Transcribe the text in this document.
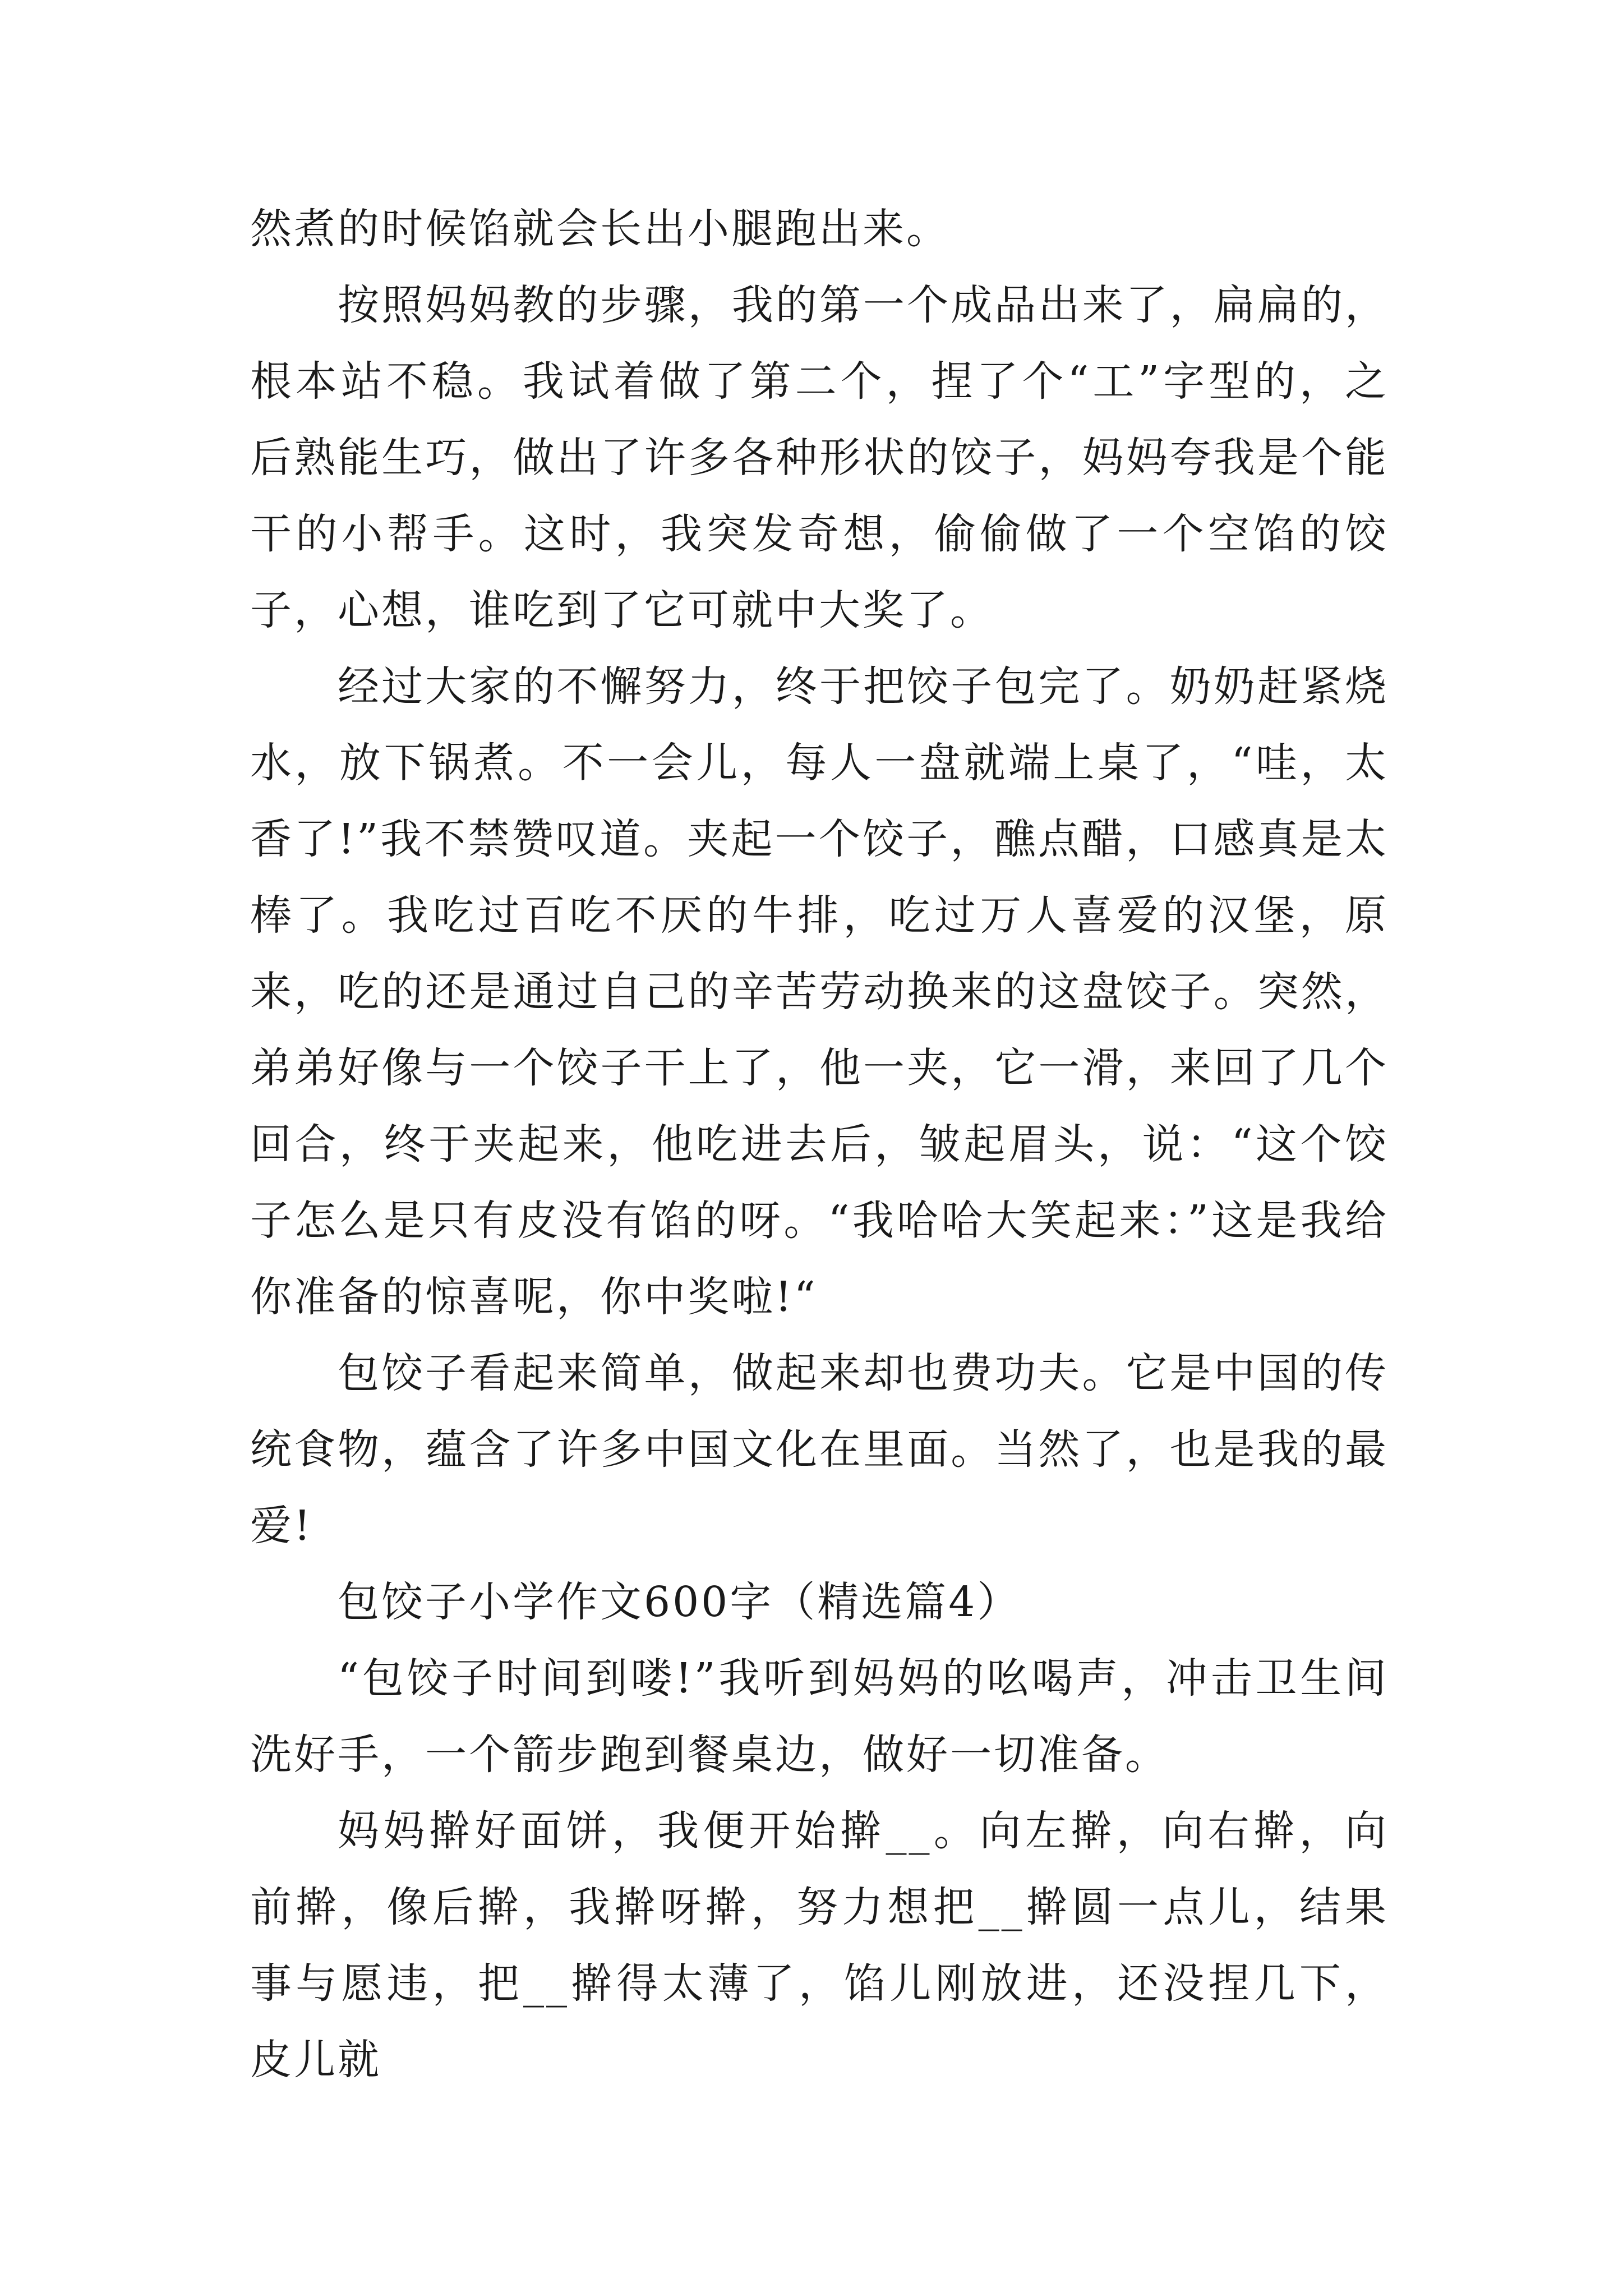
然煮的时候馅就会长出小腿跑出来。

按照妈妈教的步骤，我的第一个成品出来了，扁扁的，根本站不稳。我试着做了第二个，捏了个“工”字型的，之后熟能生巧，做出了许多各种形状的饺子，妈妈夸我是个能干的小帮手。这时，我突发奇想，偷偷做了一个空馅的饺子，心想，谁吃到了它可就中大奖了。

经过大家的不懈努力，终于把饺子包完了。奶奶赶紧烧水，放下锅煮。不一会儿，每人一盘就端上桌了，“哇，太香了!”我不禁赞叹道。夹起一个饺子，醮点醋，口感真是太棒了。我吃过百吃不厌的牛排，吃过万人喜爱的汉堡，原来，吃的还是通过自己的辛苦劳动换来的这盘饺子。突然，弟弟好像与一个饺子干上了，他一夹，它一滑，来回了几个回合，终于夹起来，他吃进去后，皱起眉头，说：“这个饺子怎么是只有皮没有馅的呀。“我哈哈大笑起来：”这是我给你准备的惊喜呢，你中奖啦!“

包饺子看起来简单，做起来却也费功夫。它是中国的传统食物，蕴含了许多中国文化在里面。当然了，也是我的最爱!

包饺子小学作文600字（精选篇4）

“包饺子时间到喽!”我听到妈妈的吆喝声，冲击卫生间洗好手，一个箭步跑到餐桌边，做好一切准备。

妈妈擀好面饼，我便开始擀__。向左擀，向右擀，向前擀，像后擀，我擀呀擀，努力想把__擀圆一点儿，结果事与愿违，把__擀得太薄了，馅儿刚放进，还没捏几下，皮儿就
